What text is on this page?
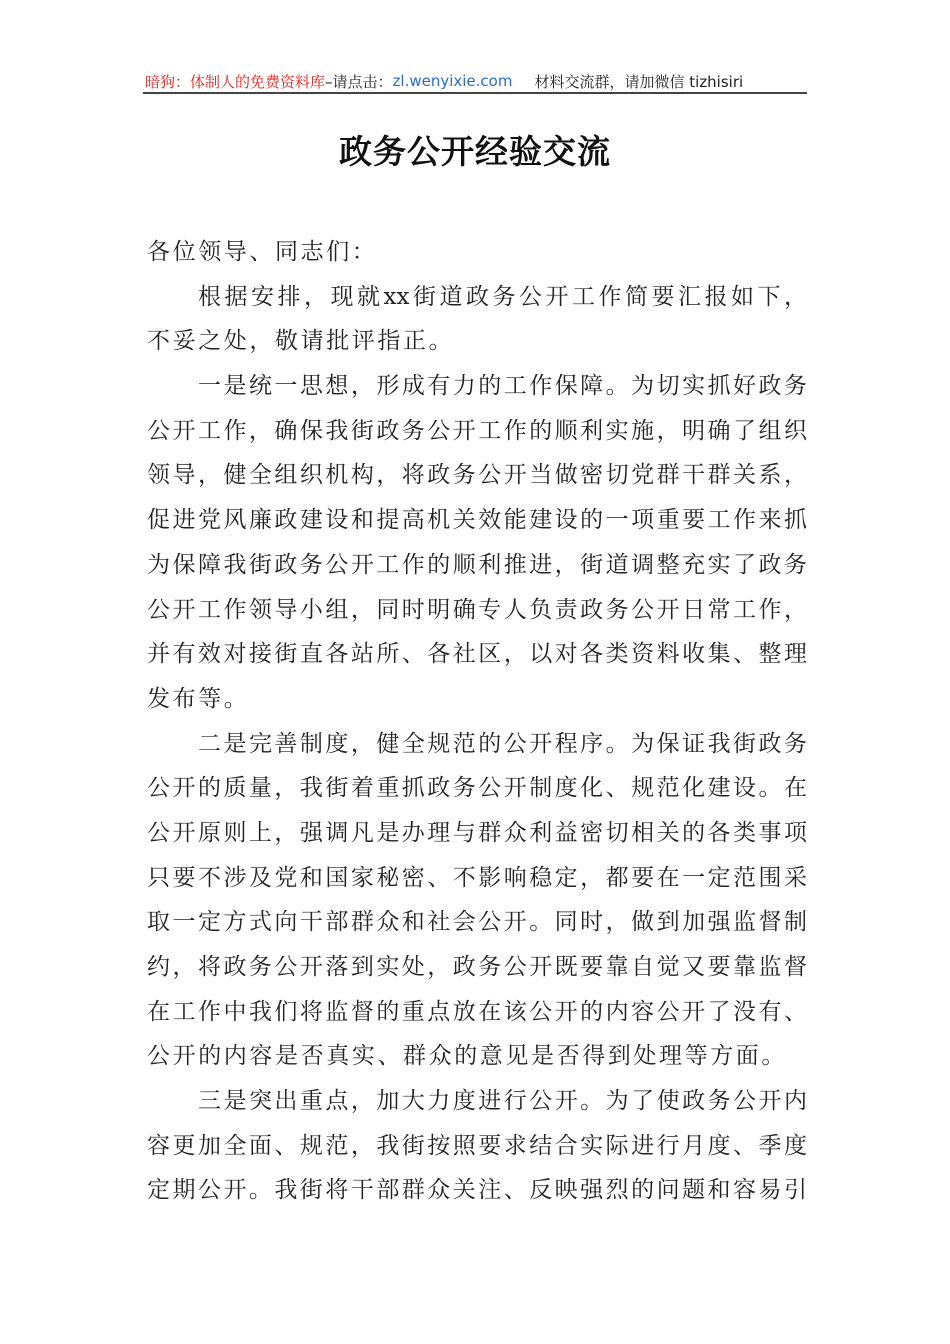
暗狗：体制人的免费资料库 –请点击： zl.wenyixie.com 材料交流群，请加微信 tizhisiri
政务公开经验交流
各位领导、同志们：
根据安排，现就xx街道政务公开工作简要汇报如下，
不妥之处，敬请批评指正。
一是统一思想，形成有力的工作保障。为切实抓好政务
公开工作，确保我街政务公开工作的顺利实施，明确了组织
领导，健全组织机构，将政务公开当做密切党群干群关系，
促进党风廉政建设和提高机关效能建设的一项重要工作来抓
为保障我街政务公开工作的顺利推进，街道调整充实了政务
公开工作领导小组，同时明确专人负责政务公开日常工作，
并有效对接街直各站所、各社区，以对各类资料收集、整理
发布等。
二是完善制度，健全规范的公开程序。为保证我街政务
公开的质量，我街着重抓政务公开制度化、规范化建设。在
公开原则上，强调凡是办理与群众利益密切相关的各类事项
只要不涉及党和国家秘密、不影响稳定，都要在一定范围采
取一定方式向干部群众和社会公开。同时，做到加强监督制
约，将政务公开落到实处，政务公开既要靠自觉又要靠监督
在工作中我们将监督的重点放在该公开的内容公开了没有、
公开的内容是否真实、群众的意见是否得到处理等方面。
三是突出重点，加大力度进行公开。为了使政务公开内
容更加全面、规范，我街按照要求结合实际进行月度、季度
定期公开。我街将干部群众关注、反映强烈的问题和容易引
